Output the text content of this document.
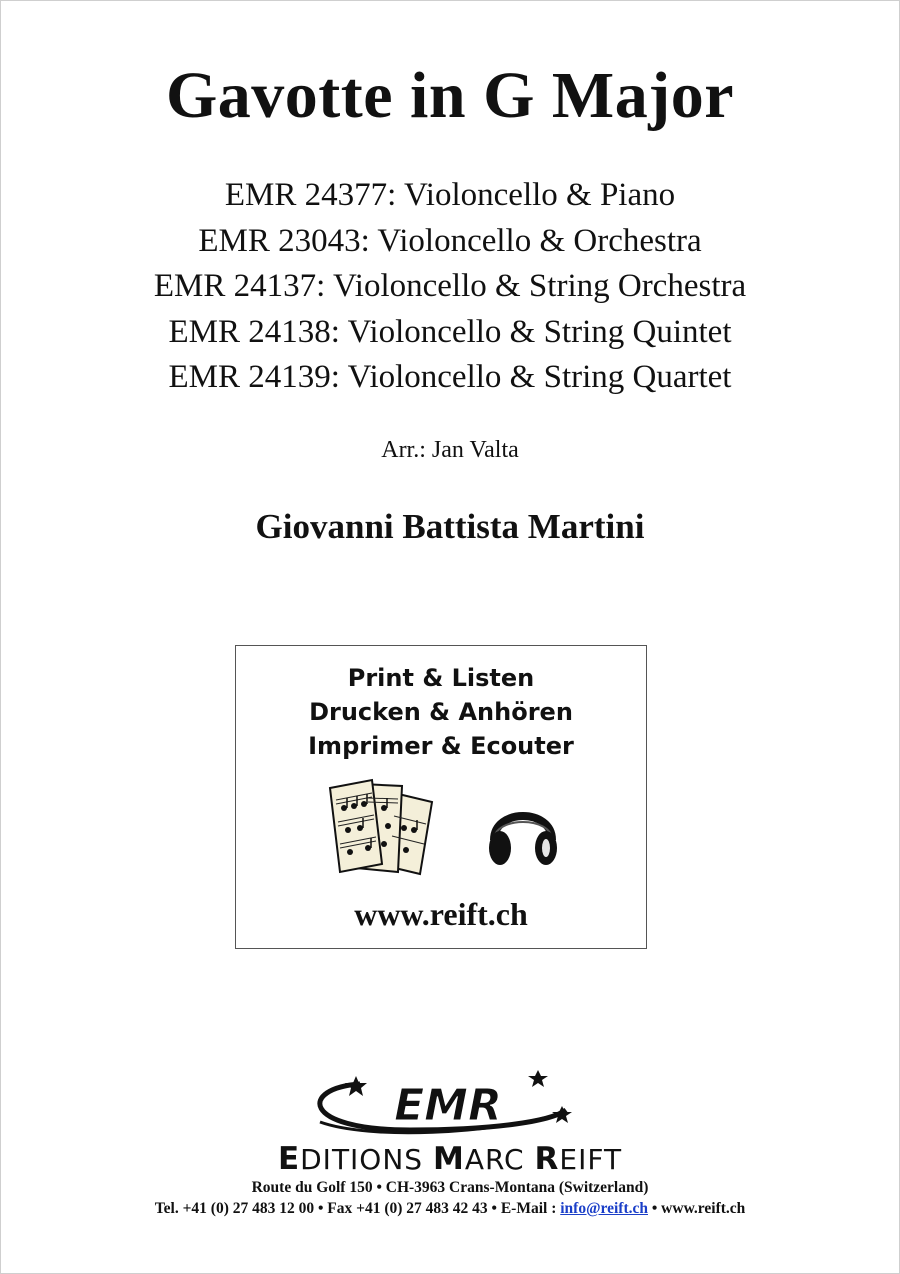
Gavotte in G Major
EMR 24377: Violoncello & Piano
EMR 23043: Violoncello & Orchestra
EMR 24137: Violoncello & String Orchestra
EMR 24138: Violoncello & String Quintet
EMR 24139: Violoncello & String Quartet
Arr.: Jan Valta
Giovanni Battista Martini
Print & Listen
Drucken & Anhören
Imprimer & Ecouter
www.reift.ch
EMR
EDITIONS MARC REIFT
Route du Golf 150 • CH-3963 Crans-Montana (Switzerland)
Tel. +41 (0) 27 483 12 00 • Fax +41 (0) 27 483 42 43 • E-Mail : info@reift.ch • www.reift.ch
